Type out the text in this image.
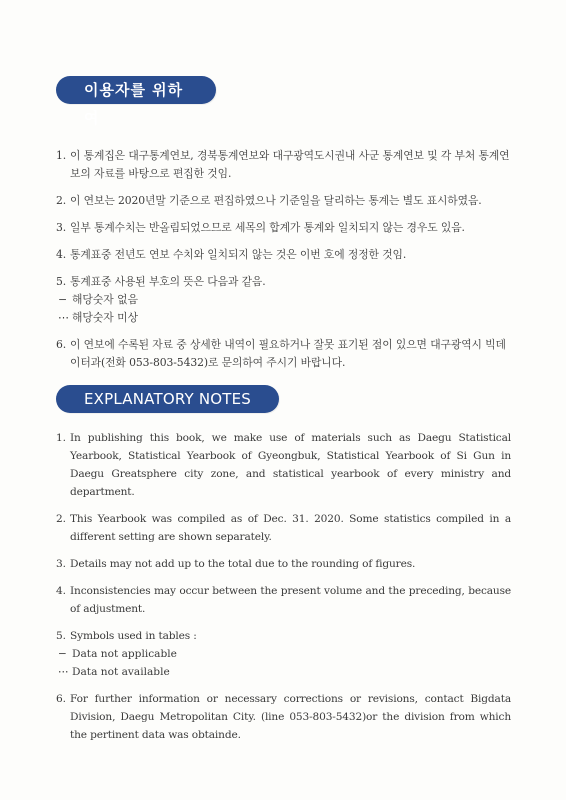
이용자를 위하여
1. 이 통계집은 대구통계연보, 경북통계연보와 대구광역도시권내 사군 통계연보 및 각 부처 통계연보의 자료를 바탕으로 편집한 것임.
2. 이 연보는 2020년말 기준으로 편집하였으나 기준일을 달리하는 통계는 별도 표시하였음.
3. 일부 통계수치는 반올림되었으므로 세목의 합계가 통계와 일치되지 않는 경우도 있음.
4. 통계표중 전년도 연보 수치와 일치되지 않는 것은 이번 호에 정정한 것임.
5. 통계표중 사용된 부호의 뜻은 다음과 같음.
− 해당숫자 없음
⋯ 해당숫자 미상
6. 이 연보에 수록된 자료 중 상세한 내역이 필요하거나 잘못 표기된 점이 있으면 대구광역시 빅데이터과(전화 053-803-5432)로 문의하여 주시기 바랍니다.
EXPLANATORY NOTES
1. In publishing this book, we make use of materials such as Daegu Statistical Yearbook, Statistical Yearbook of Gyeongbuk, Statistical Yearbook of Si Gun in Daegu Greatsphere city zone, and statistical yearbook of every ministry and department.
2. This Yearbook was compiled as of Dec. 31. 2020. Some statistics compiled in a different setting are shown separately.
3. Details may not add up to the total due to the rounding of figures.
4. Inconsistencies may occur between the present volume and the preceding, because of adjustment.
5. Symbols used in tables :
− Data not applicable
⋯ Data not available
6. For further information or necessary corrections or revisions, contact Bigdata Division, Daegu Metropolitan City. (line 053-803-5432)or the division from which the pertinent data was obtainde.
